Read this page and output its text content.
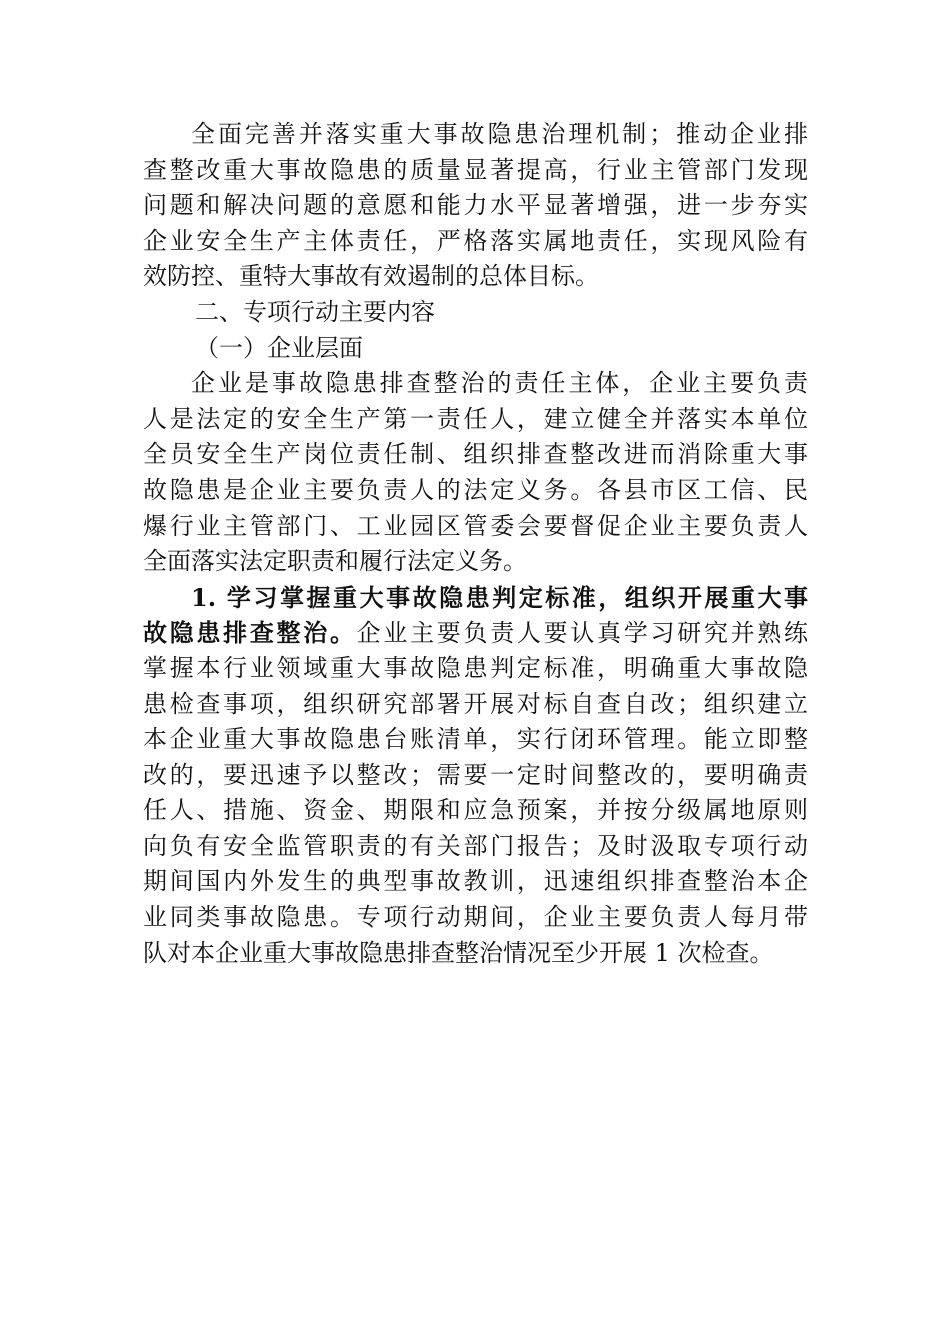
全面完善并落实重大事故隐患治理机制；推动企业排
查整改重大事故隐患的质量显著提高，行业主管部门发现
问题和解决问题的意愿和能力水平显著增强，进一步夯实
企业安全生产主体责任，严格落实属地责任，实现风险有
效防控、重特大事故有效遏制的总体目标。
二、专项行动主要内容
（一）企业层面
企业是事故隐患排查整治的责任主体，企业主要负责
人是法定的安全生产第一责任人，建立健全并落实本单位
全员安全生产岗位责任制、组织排查整改进而消除重大事
故隐患是企业主要负责人的法定义务。各县市区工信、民
爆行业主管部门、工业园区管委会要督促企业主要负责人
全面落实法定职责和履行法定义务。
1. 学习掌握重大事故隐患判定标准，组织开展重大事
故隐患排查整治。企业主要负责人要认真学习研究并熟练
掌握本行业领域重大事故隐患判定标准，明确重大事故隐
患检查事项，组织研究部署开展对标自查自改；组织建立
本企业重大事故隐患台账清单，实行闭环管理。能立即整
改的，要迅速予以整改；需要一定时间整改的，要明确责
任人、措施、资金、期限和应急预案，并按分级属地原则
向负有安全监管职责的有关部门报告；及时汲取专项行动
期间国内外发生的典型事故教训，迅速组织排查整治本企
业同类事故隐患。专项行动期间，企业主要负责人每月带
队对本企业重大事故隐患排查整治情况至少开展 1 次检查。
